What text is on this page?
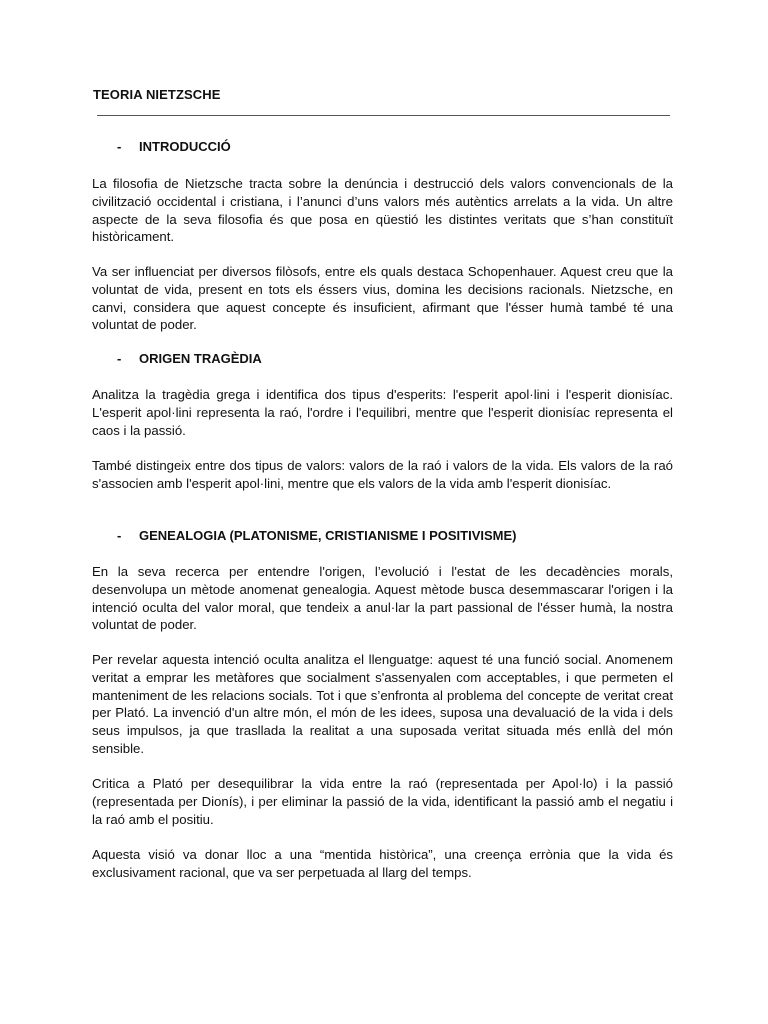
TEORIA NIETZSCHE
- INTRODUCCIÓ

La filosofia de Nietzsche tracta sobre la denúncia i destrucció dels valors convencionals de la civilització occidental i cristiana, i l’anunci d’uns valors més autèntics arrelats a la vida. Un altre aspecte de la seva filosofia és que posa en qüestió les distintes veritats que s’han constituït històricament.

Va ser influenciat per diversos filòsofs, entre els quals destaca Schopenhauer. Aquest creu que la voluntat de vida, present en tots els éssers vius, domina les decisions racionals. Nietzsche, en canvi, considera que aquest concepte és insuficient, afirmant que l'ésser humà també té una voluntat de poder.

- ORIGEN TRAGÈDIA

Analitza la tragèdia grega i identifica dos tipus d'esperits: l'esperit apol·lini i l'esperit dionisíac. L'esperit apol·lini representa la raó, l'ordre i l'equilibri, mentre que l'esperit dionisíac representa el caos i la passió.

També distingeix entre dos tipus de valors: valors de la raó i valors de la vida. Els valors de la raó s'associen amb l'esperit apol·lini, mentre que els valors de la vida amb l'esperit dionisíac.

- GENEALOGIA (PLATONISME, CRISTIANISME I POSITIVISME)

En la seva recerca per entendre l'origen, l’evolució i l'estat de les decadències morals, desenvolupa un mètode anomenat genealogia. Aquest mètode busca desemmascarar l'origen i la intenció oculta del valor moral, que tendeix a anul·lar la part passional de l'ésser humà, la nostra voluntat de poder.

Per revelar aquesta intenció oculta analitza el llenguatge: aquest té una funció social. Anomenem veritat a emprar les metàfores que socialment s'assenyalen com acceptables, i que permeten el manteniment de les relacions socials. Tot i que s’enfronta al problema del concepte de veritat creat per Plató. La invenció d'un altre món, el món de les idees, suposa una devaluació de la vida i dels seus impulsos, ja que trasllada la realitat a una suposada veritat situada més enllà del món sensible.

Critica a Plató per desequilibrar la vida entre la raó (representada per Apol·lo) i la passió (representada per Dionís), i per eliminar la passió de la vida, identificant la passió amb el negatiu i la raó amb el positiu.

Aquesta visió va donar lloc a una “mentida històrica”, una creença errònia que la vida és exclusivament racional, que va ser perpetuada al llarg del temps.
